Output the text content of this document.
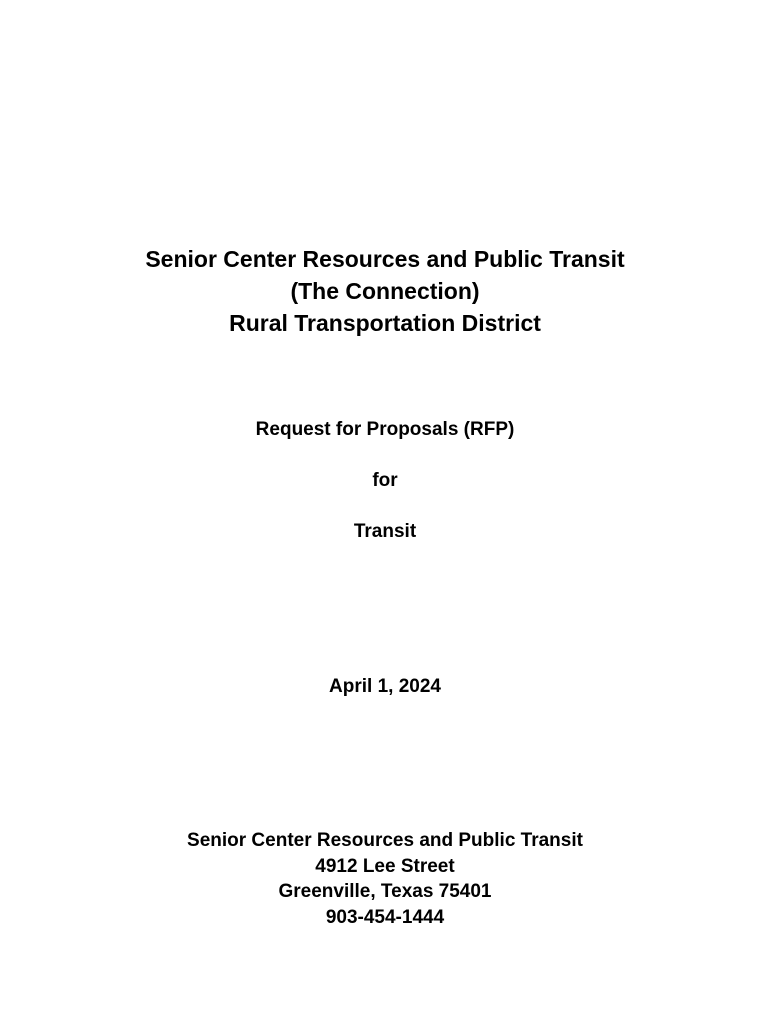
Senior Center Resources and Public Transit
(The Connection)
Rural Transportation District
Request for Proposals (RFP)
for
Transit
April 1, 2024
Senior Center Resources and Public Transit
4912 Lee Street
Greenville, Texas 75401
903-454-1444
